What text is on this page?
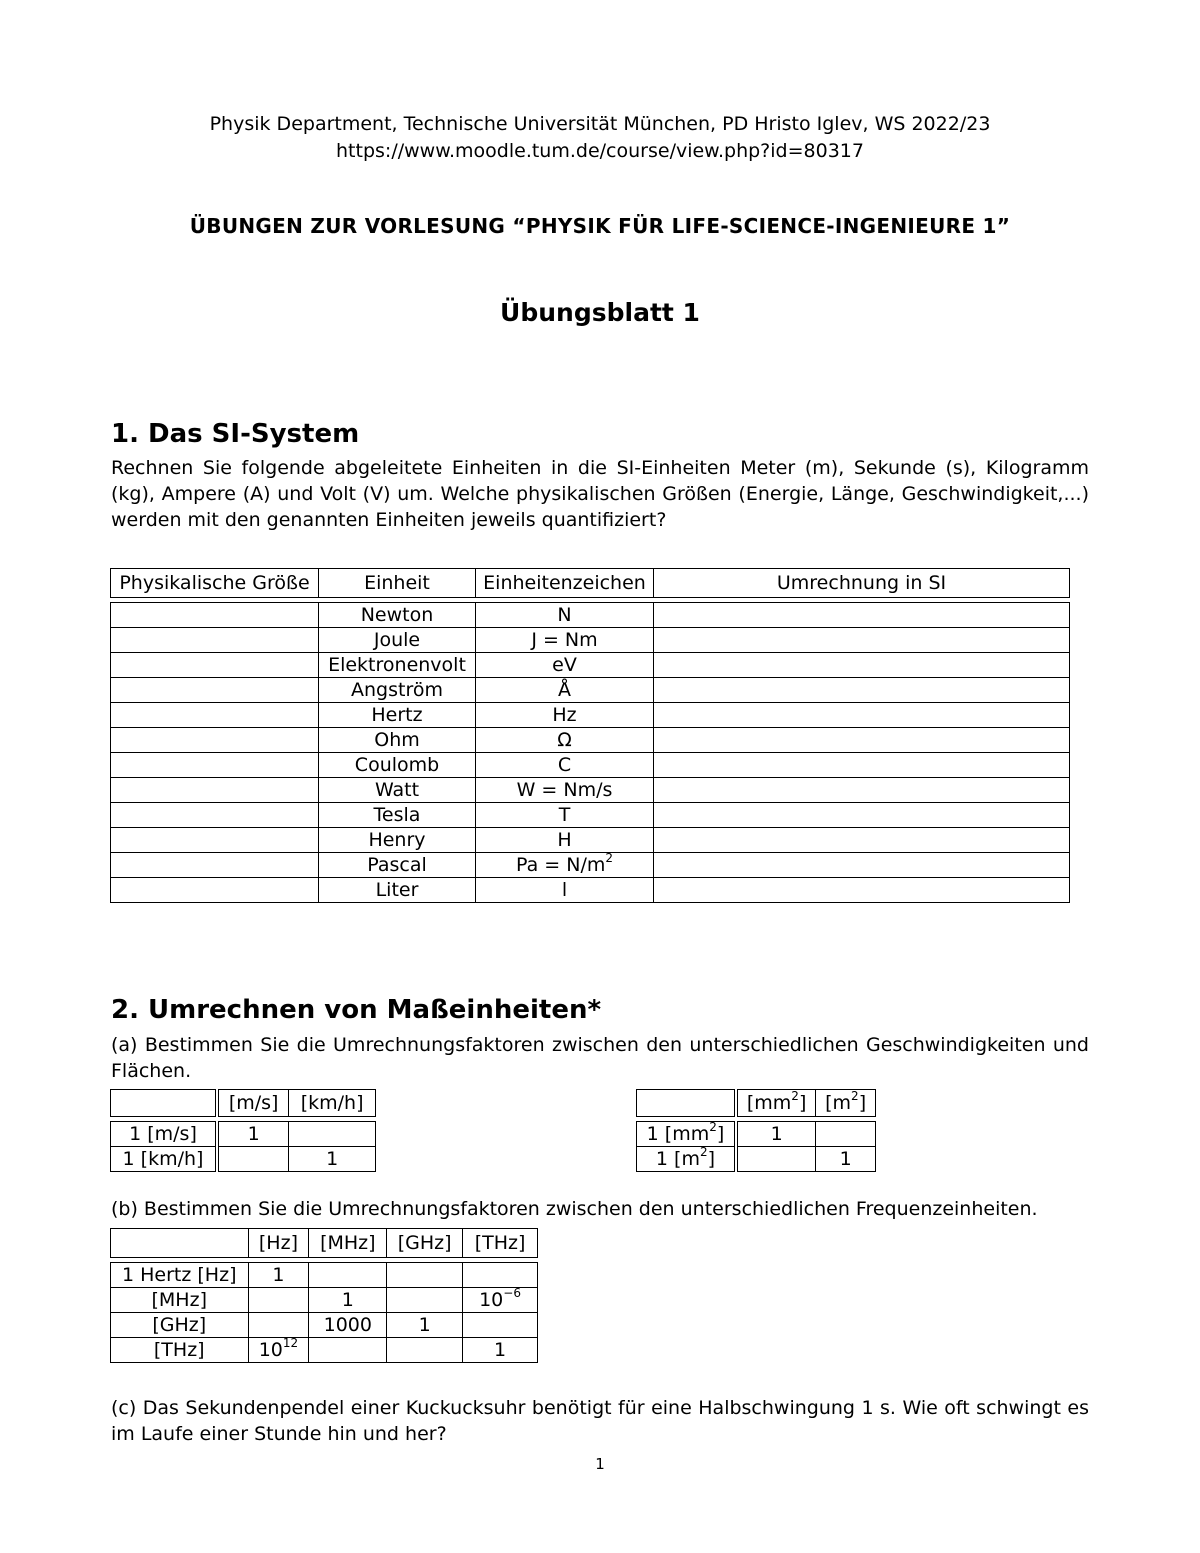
Physik Department, Technische Universität München, PD Hristo Iglev, WS 2022/23
https://www.moodle.tum.de/course/view.php?id=80317
ÜBUNGEN ZUR VORLESUNG “PHYSIK FÜR LIFE-SCIENCE-INGENIEURE 1”
Übungsblatt 1
1. Das SI-System
Rechnen Sie folgende abgeleitete Einheiten in die SI-Einheiten Meter (m), Sekunde (s), Kilogramm (kg), Ampere (A) und Volt (V) um. Welche physikalischen Größen (Energie, Länge, Geschwindigkeit,...) werden mit den genannten Einheiten jeweils quantifiziert?
Physikalische Größe	Einheit	Einheitenzeichen	Umrechnung in SI

	Newton	N	
	Joule	J = Nm	
	Elektronenvolt	eV	
	Angström	Å	
	Hertz	Hz	
	Ohm	Ω	
	Coulomb	C	
	Watt	W = Nm/s	
	Tesla	T	
	Henry	H	
	Pascal	$Pa = N/m^2$	
	Liter	l	
2. Umrechnen von Maßeinheiten*
(a) Bestimmen Sie die Umrechnungsfaktoren zwischen den unterschiedlichen Geschwindigkeiten und Flächen.
	[m/s]	[km/h]

1 [m/s]	1	
1 [km/h]		1
	$[mm^2]$	$[m^2]$

1 $[mm^2]$	1	
1 $[m^2]$		1
(b) Bestimmen Sie die Umrechnungsfaktoren zwischen den unterschiedlichen Frequenzeinheiten.
	[Hz]	[MHz]	[GHz]	[THz]

1 Hertz [Hz]	1			
[MHz]		1		$10^{-6}$
[GHz]		1000	1	
[THz]	$10^{12}$			1
(c) Das Sekundenpendel einer Kuckucksuhr benötigt für eine Halbschwingung 1 s. Wie oft schwingt es im Laufe einer Stunde hin und her?
1
